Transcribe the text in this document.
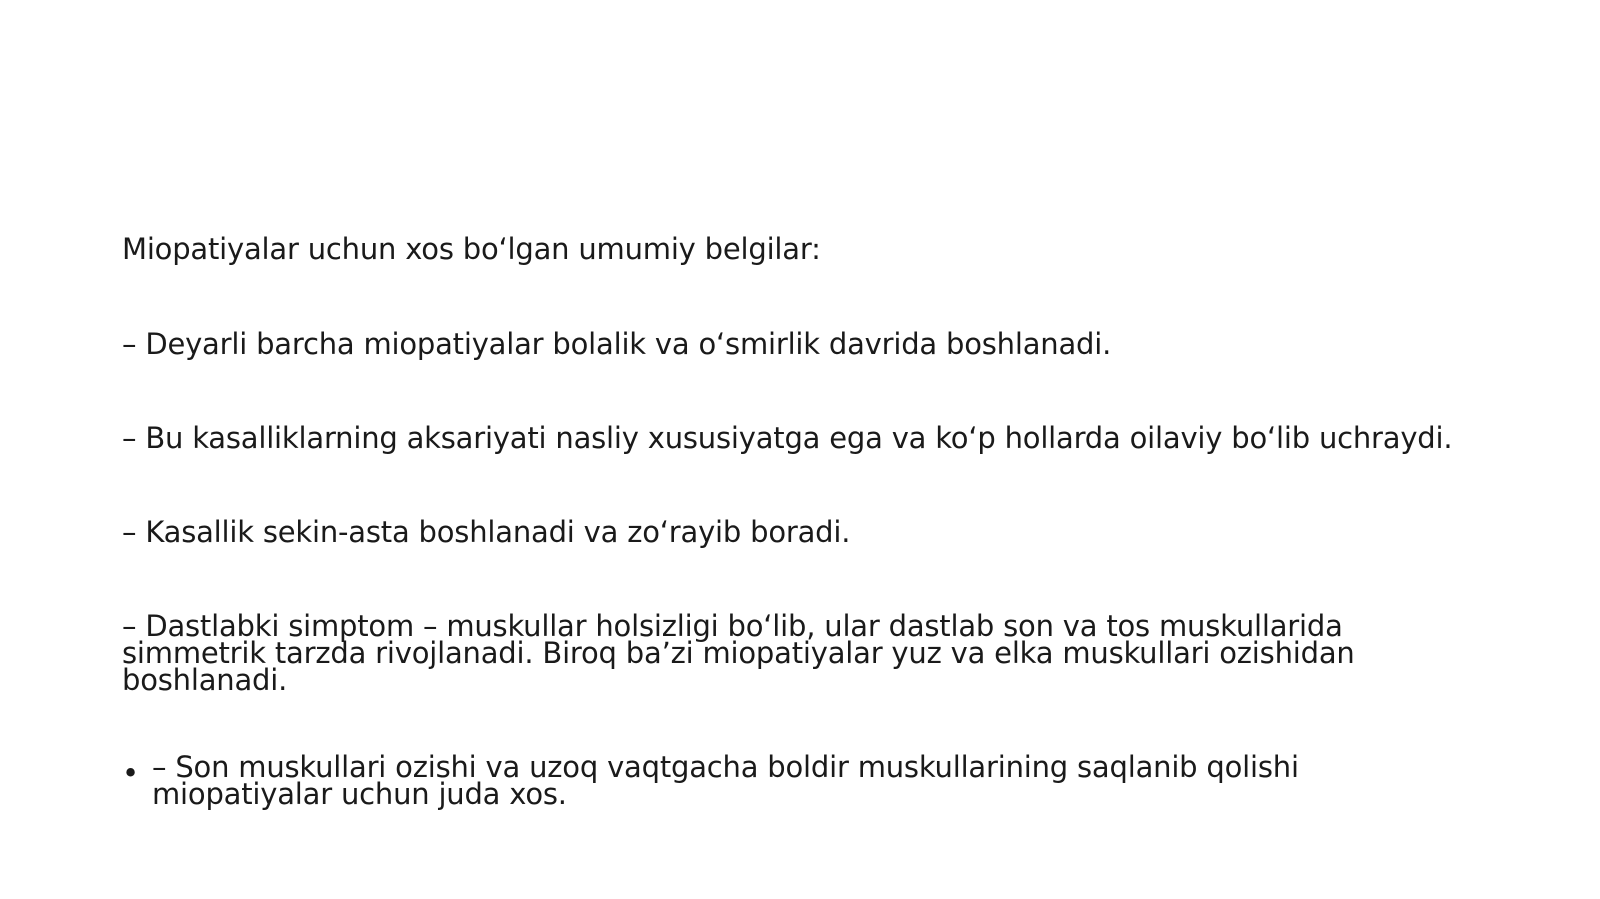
Miopatiyalar uchun xos boʻlgan umumiy belgilar:

– Deyarli barcha miopatiyalar bolalik va oʻsmirlik davrida boshlanadi.

– Bu kasalliklarning aksariyati nasliy xususiyatga ega va koʻp hollarda oilaviy boʻlib uchraydi.

– Kasallik sekin-asta boshlanadi va zoʻrayib boradi.

– Dastlabki simptom – muskullar holsizligi boʻlib, ular dastlab son va tos muskullarida simmetrik tarzda rivojlanadi. Biroq baʼzi miopatiyalar yuz va elka muskullari ozishidan boshlanadi.

• – Son muskullari ozishi va uzoq vaqtgacha boldir muskullarining saqlanib qolishi miopatiyalar uchun juda xos.
